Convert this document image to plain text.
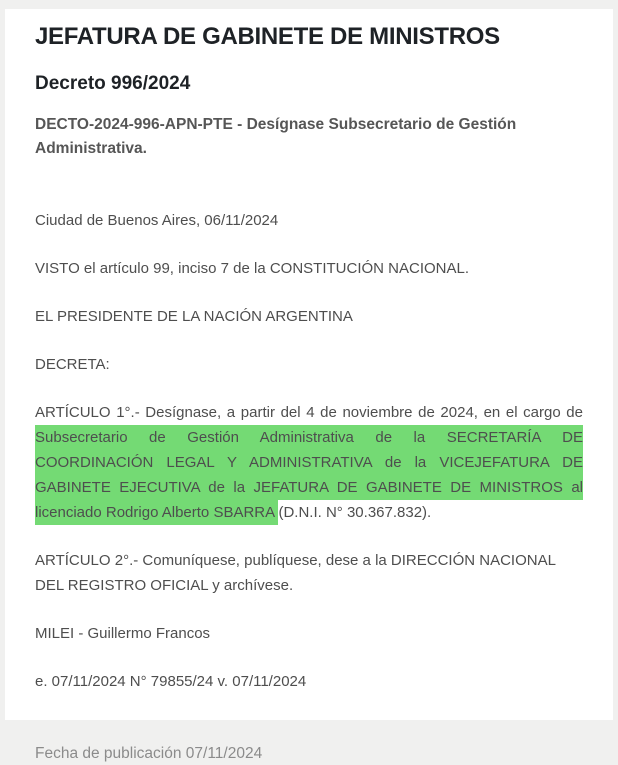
JEFATURA DE GABINETE DE MINISTROS
Decreto 996/2024
DECTO-2024-996-APN-PTE - Desígnase Subsecretario de Gestión Administrativa.

Ciudad de Buenos Aires, 06/11/2024

VISTO el artículo 99, inciso 7 de la CONSTITUCIÓN NACIONAL.

EL PRESIDENTE DE LA NACIÓN ARGENTINA

DECRETA:

ARTÍCULO 1°.- Desígnase, a partir del 4 de noviembre de 2024, en el cargo de Subsecretario de Gestión Administrativa de la SECRETARÍA DE COORDINACIÓN LEGAL Y ADMINISTRATIVA de la VICEJEFATURA DE GABINETE EJECUTIVA de la JEFATURA DE GABINETE DE MINISTROS al licenciado Rodrigo Alberto SBARRA (D.N.I. N° 30.367.832).

ARTÍCULO 2°.- Comuníquese, publíquese, dese a la DIRECCIÓN NACIONAL DEL REGISTRO OFICIAL y archívese.

MILEI - Guillermo Francos

e. 07/11/2024 N° 79855/24 v. 07/11/2024

Fecha de publicación 07/11/2024
